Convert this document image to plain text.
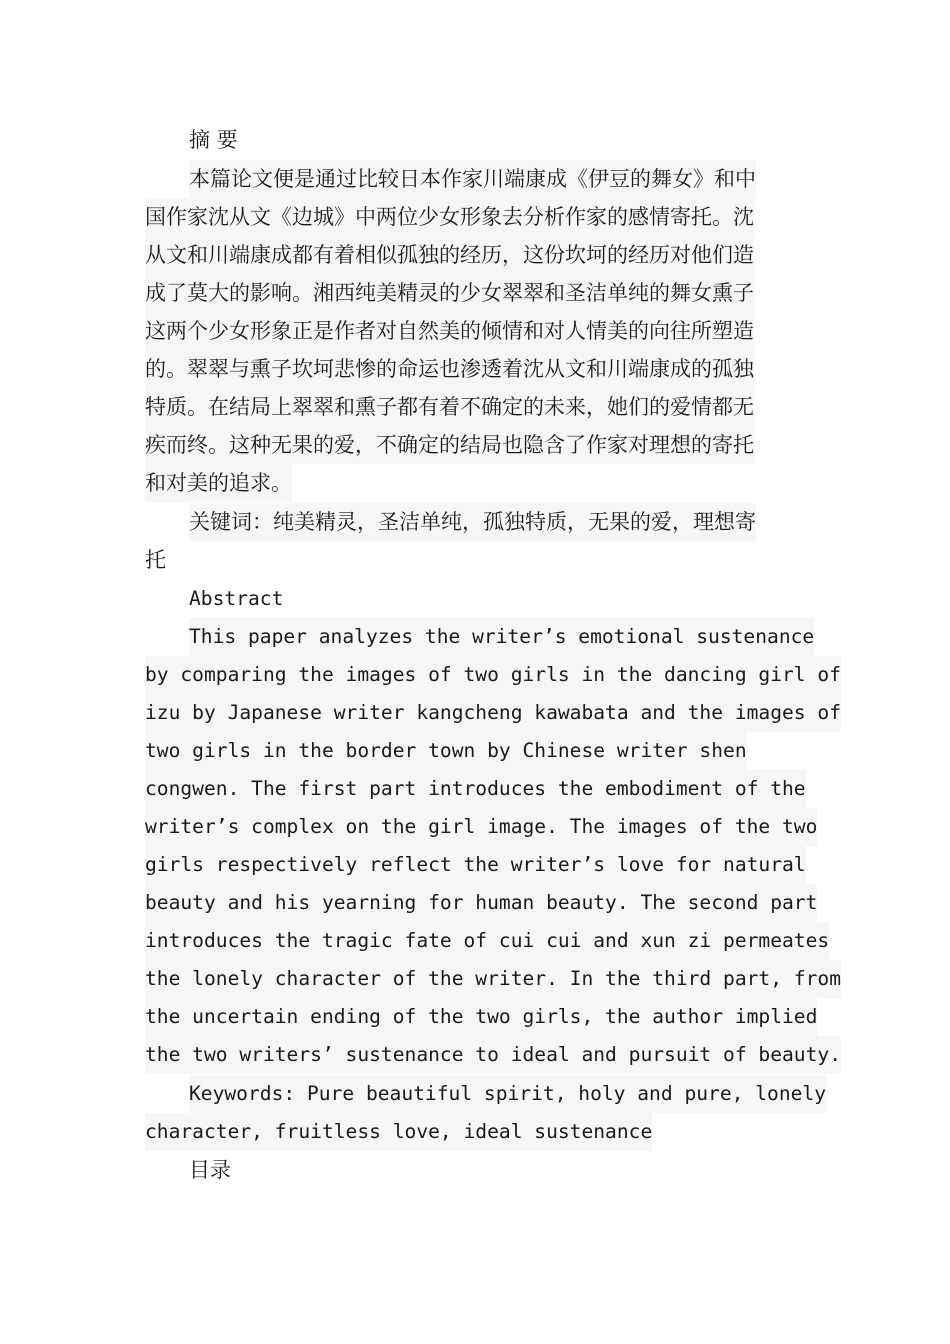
摘 要
本篇论文便是通过比较日本作家川端康成《伊豆的舞女》和中
国作家沈从文《边城》中两位少女形象去分析作家的感情寄托。沈
从文和川端康成都有着相似孤独的经历，这份坎坷的经历对他们造
成了莫大的影响。湘西纯美精灵的少女翠翠和圣洁单纯的舞女熏子
这两个少女形象正是作者对自然美的倾情和对人情美的向往所塑造
的。翠翠与熏子坎坷悲惨的命运也渗透着沈从文和川端康成的孤独
特质。在结局上翠翠和熏子都有着不确定的未来，她们的爱情都无
疾而终。这种无果的爱，不确定的结局也隐含了作家对理想的寄托
和对美的追求。
关键词：纯美精灵，圣洁单纯，孤独特质，无果的爱，理想寄
托
Abstract
This paper analyzes the writer’s emotional sustenance
by comparing the images of two girls in the dancing girl of
izu by Japanese writer kangcheng kawabata and the images of
two girls in the border town by Chinese writer shen
congwen. The first part introduces the embodiment of the
writer’s complex on the girl image. The images of the two
girls respectively reflect the writer’s love for natural
beauty and his yearning for human beauty. The second part
introduces the tragic fate of cui cui and xun zi permeates
the lonely character of the writer. In the third part, from
the uncertain ending of the two girls, the author implied
the two writers’ sustenance to ideal and pursuit of beauty.
Keywords: Pure beautiful spirit, holy and pure, lonely
character, fruitless love, ideal sustenance
目录
